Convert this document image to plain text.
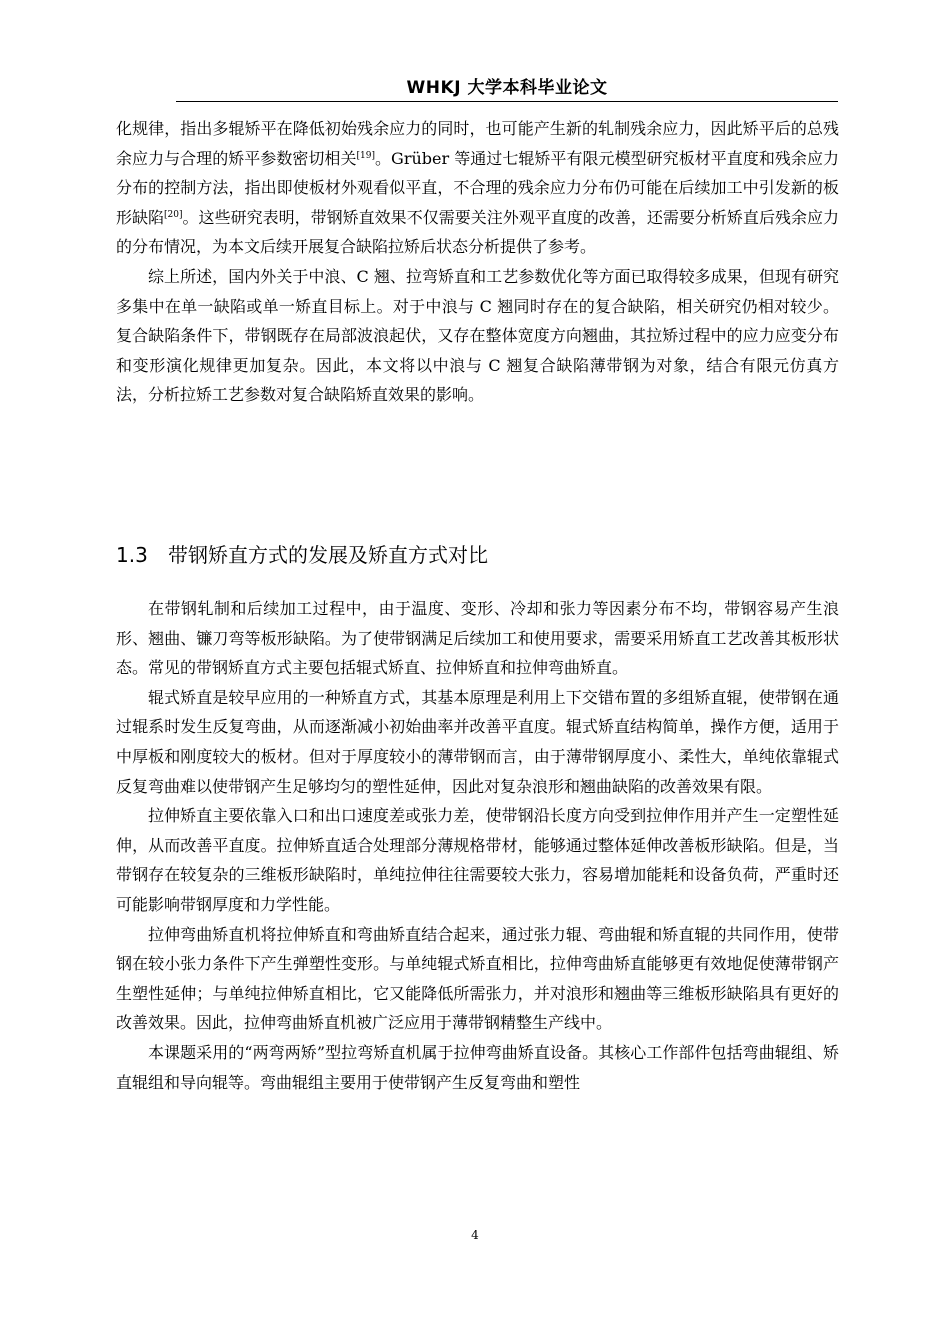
WHKJ 大学本科毕业论文

化规律，指出多辊矫平在降低初始残余应力的同时，也可能产生新的轧制残余应力，因此矫平后的总残余应力与合理的矫平参数密切相关[19]。Grüber 等通过七辊矫平有限元模型研究板材平直度和残余应力分布的控制方法，指出即使板材外观看似平直，不合理的残余应力分布仍可能在后续加工中引发新的板形缺陷[20]。这些研究表明，带钢矫直效果不仅需要关注外观平直度的改善，还需要分析矫直后残余应力的分布情况，为本文后续开展复合缺陷拉矫后状态分析提供了参考。

综上所述，国内外关于中浪、C 翘、拉弯矫直和工艺参数优化等方面已取得较多成果，但现有研究多集中在单一缺陷或单一矫直目标上。对于中浪与 C 翘同时存在的复合缺陷，相关研究仍相对较少。复合缺陷条件下，带钢既存在局部波浪起伏，又存在整体宽度方向翘曲，其拉矫过程中的应力应变分布和变形演化规律更加复杂。因此，本文将以中浪与 C 翘复合缺陷薄带钢为对象，结合有限元仿真方法，分析拉矫工艺参数对复合缺陷矫直效果的影响。

1.3 带钢矫直方式的发展及矫直方式对比

在带钢轧制和后续加工过程中，由于温度、变形、冷却和张力等因素分布不均，带钢容易产生浪形、翘曲、镰刀弯等板形缺陷。为了使带钢满足后续加工和使用要求，需要采用矫直工艺改善其板形状态。常见的带钢矫直方式主要包括辊式矫直、拉伸矫直和拉伸弯曲矫直。

辊式矫直是较早应用的一种矫直方式，其基本原理是利用上下交错布置的多组矫直辊，使带钢在通过辊系时发生反复弯曲，从而逐渐减小初始曲率并改善平直度。辊式矫直结构简单，操作方便，适用于中厚板和刚度较大的板材。但对于厚度较小的薄带钢而言，由于薄带钢厚度小、柔性大，单纯依靠辊式反复弯曲难以使带钢产生足够均匀的塑性延伸，因此对复杂浪形和翘曲缺陷的改善效果有限。

拉伸矫直主要依靠入口和出口速度差或张力差，使带钢沿长度方向受到拉伸作用并产生一定塑性延伸，从而改善平直度。拉伸矫直适合处理部分薄规格带材，能够通过整体延伸改善板形缺陷。但是，当带钢存在较复杂的三维板形缺陷时，单纯拉伸往往需要较大张力，容易增加能耗和设备负荷，严重时还可能影响带钢厚度和力学性能。

拉伸弯曲矫直机将拉伸矫直和弯曲矫直结合起来，通过张力辊、弯曲辊和矫直辊的共同作用，使带钢在较小张力条件下产生弹塑性变形。与单纯辊式矫直相比，拉伸弯曲矫直能够更有效地促使薄带钢产生塑性延伸；与单纯拉伸矫直相比，它又能降低所需张力，并对浪形和翘曲等三维板形缺陷具有更好的改善效果。因此，拉伸弯曲矫直机被广泛应用于薄带钢精整生产线中。

本课题采用的“两弯两矫”型拉弯矫直机属于拉伸弯曲矫直设备。其核心工作部件包括弯曲辊组、矫直辊组和导向辊等。弯曲辊组主要用于使带钢产生反复弯曲和塑性

4
